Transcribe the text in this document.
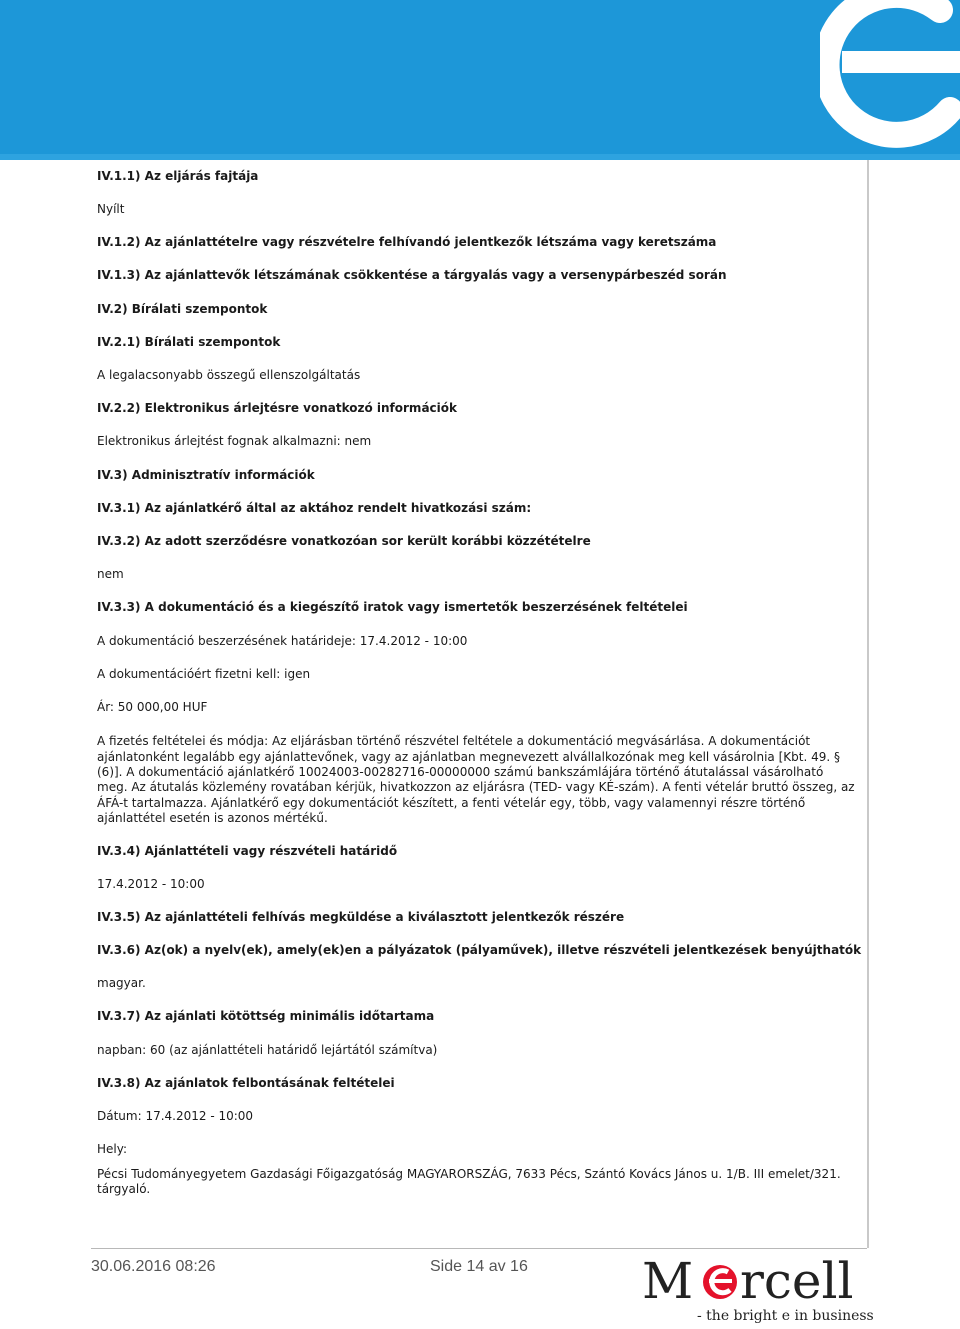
IV.1.1) Az eljárás fajtája
Nyílt
IV.1.2) Az ajánlattételre vagy részvételre felhívandó jelentkezők létszáma vagy keretszáma
IV.1.3) Az ajánlattevők létszámának csökkentése a tárgyalás vagy a versenypárbeszéd során
IV.2) Bírálati szempontok
IV.2.1) Bírálati szempontok
A legalacsonyabb összegű ellenszolgáltatás
IV.2.2) Elektronikus árlejtésre vonatkozó információk
Elektronikus árlejtést fognak alkalmazni: nem
IV.3) Adminisztratív információk
IV.3.1) Az ajánlatkérő által az aktához rendelt hivatkozási szám:
IV.3.2) Az adott szerződésre vonatkozóan sor került korábbi közzétételre
nem
IV.3.3) A dokumentáció és a kiegészítő iratok vagy ismertetők beszerzésének feltételei
A dokumentáció beszerzésének határideje: 17.4.2012 - 10:00
A dokumentációért fizetni kell: igen
Ár: 50 000,00 HUF
A fizetés feltételei és módja: Az eljárásban történő részvétel feltétele a dokumentáció megvásárlása. A dokumentációt ajánlatonként legalább egy ajánlattevőnek, vagy az ajánlatban megnevezett alvállalkozónak meg kell vásárolnia [Kbt. 49. § (6)]. A dokumentáció ajánlatkérő 10024003-00282716-00000000 számú bankszámlájára történő átutalással vásárolható meg. Az átutalás közlemény rovatában kérjük, hivatkozzon az eljárásra (TED- vagy KÉ-szám). A fenti vételár bruttó összeg, az ÁFÁ-t tartalmazza. Ajánlatkérő egy dokumentációt készített, a fenti vételár egy, több, vagy valamennyi részre történő ajánlattétel esetén is azonos mértékű.
IV.3.4) Ajánlattételi vagy részvételi határidő
17.4.2012 - 10:00
IV.3.5) Az ajánlattételi felhívás megküldése a kiválasztott jelentkezők részére
IV.3.6) Az(ok) a nyelv(ek), amely(ek)en a pályázatok (pályaművek), illetve részvételi jelentkezések benyújthatók
magyar.
IV.3.7) Az ajánlati kötöttség minimális időtartama
napban: 60 (az ajánlattételi határidő lejártától számítva)
IV.3.8) Az ajánlatok felbontásának feltételei
Dátum: 17.4.2012 - 10:00
Hely:
Pécsi Tudományegyetem Gazdasági Főigazgatóság MAGYARORSZÁG, 7633 Pécs, Szántó Kovács János u. 1/B. III emelet/321. tárgyaló.
30.06.2016 08:26	Side 14 av 16 M rcell
- the bright e in business
